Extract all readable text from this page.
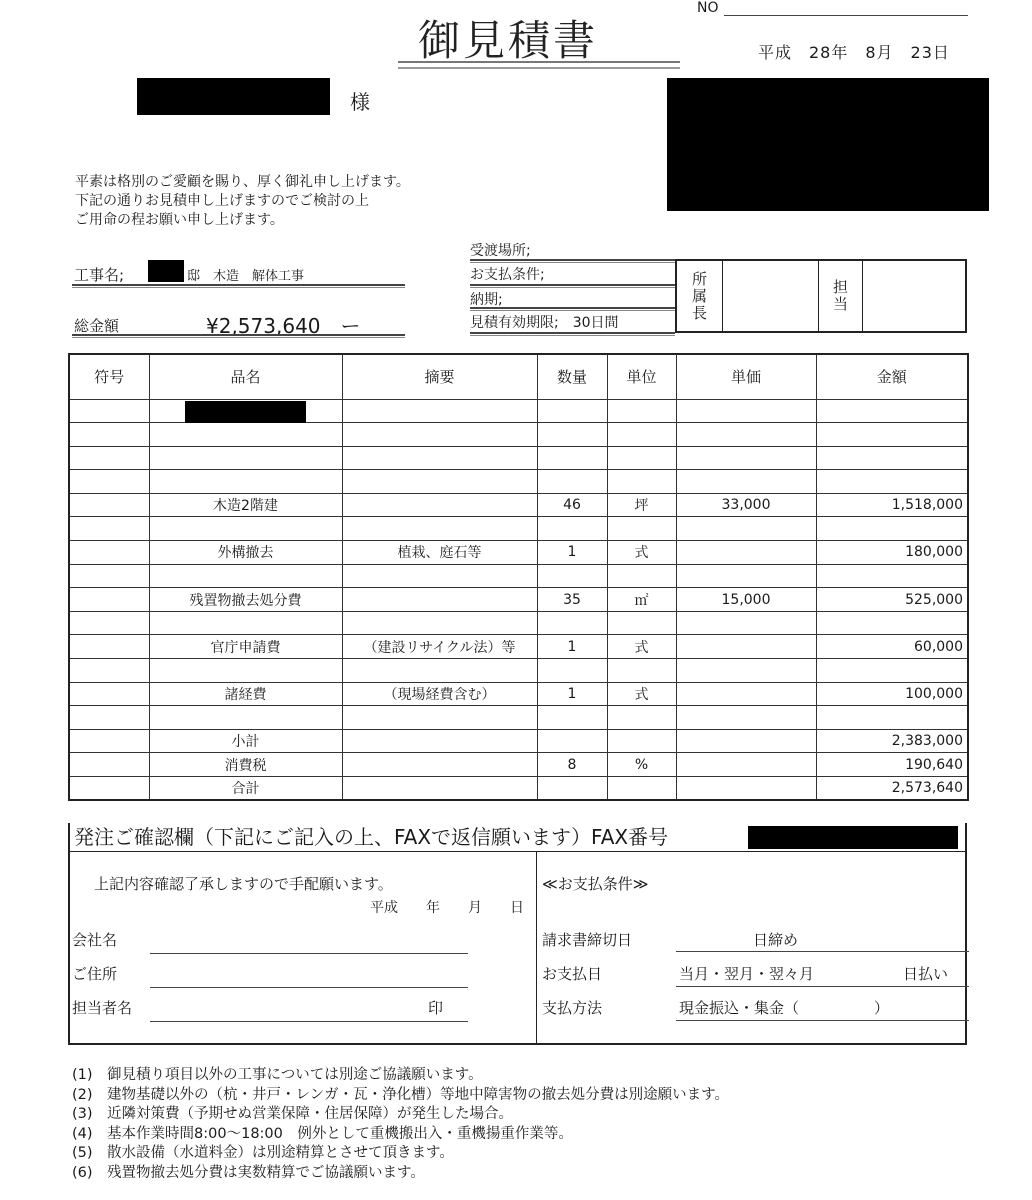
御見積書
NO
平成　28年　8月　23日
様
平素は格別のご愛顧を賜り、厚く御礼申し上げます。
下記の通りお見積申し上げますのでご検討の上
ご用命の程お願い申し上げます。
工事名;	邸　木造　解体工事
総金額	¥2,573,640　ー
受渡場所;
お支払条件;
納期;
見積有効期限;　30日間
所属長	担当
符号	品名	摘要	数量	単位	単価	金額

	木造2階建		46	坪	33,000	1,518,000

	外構撤去	植栽、庭石等	1	式		180,000

	残置物撤去処分費		35	㎡	15,000	525,000

	官庁申請費	（建設リサイクル法）等	1	式		60,000

	諸経費	（現場経費含む）	1	式		100,000

	小計					2,383,000
	消費税		8	%		190,640
	合計					2,573,640
発注ご確認欄（下記にご記入の上、FAXで返信願います）FAX番号
上記内容確認了承しますので手配願います。
平成　　年　　月　　日
会社名
ご住所
担当者名	印
≪お支払条件≫
請求書締切日	日締め
お支払日	当月・翌月・翌々月	日払い
支払方法	現金振込・集金（　　　　　）
(1)　御見積り項目以外の工事については別途ご協議願います。
(2)　建物基礎以外の（杭・井戸・レンガ・瓦・浄化槽）等地中障害物の撤去処分費は別途願います。
(3)　近隣対策費（予期せぬ営業保障・住居保障）が発生した場合。
(4)　基本作業時間8:00～18:00　例外として重機搬出入・重機揚重作業等。
(5)　散水設備（水道料金）は別途精算とさせて頂きます。
(6)　残置物撤去処分費は実数精算でご協議願います。
